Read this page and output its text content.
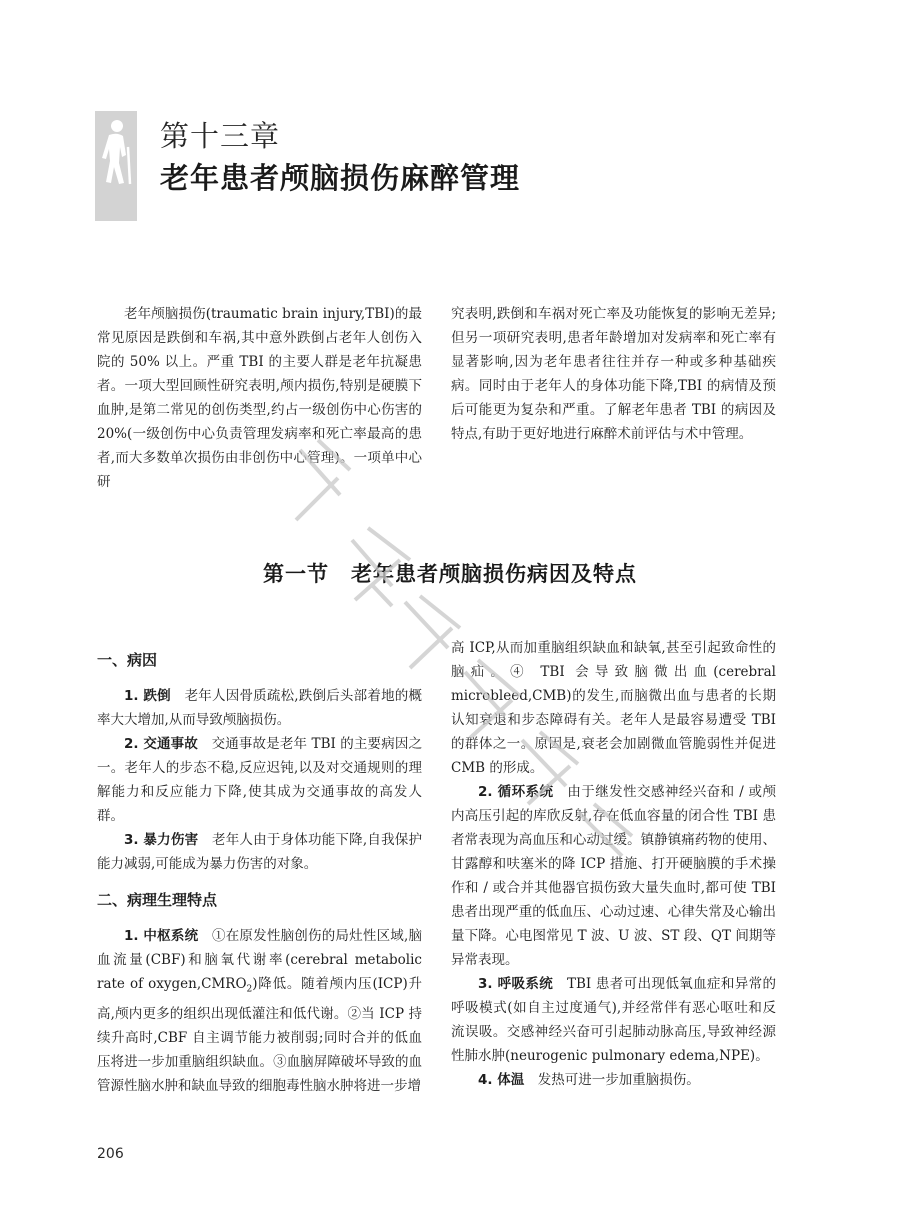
第十三章
老年患者颅脑损伤麻醉管理

老年颅脑损伤(traumatic brain injury,TBI)的最常见原因是跌倒和车祸,其中意外跌倒占老年人创伤入院的 50% 以上。严重 TBI 的主要人群是老年抗凝患者。一项大型回顾性研究表明,颅内损伤,特别是硬膜下血肿,是第二常见的创伤类型,约占一级创伤中心伤害的 20%(一级创伤中心负责管理发病率和死亡率最高的患者,而大多数单次损伤由非创伤中心管理)。一项单中心研

究表明,跌倒和车祸对死亡率及功能恢复的影响无差异;但另一项研究表明,患者年龄增加对发病率和死亡率有显著影响,因为老年患者往往并存一种或多种基础疾病。同时由于老年人的身体功能下降,TBI 的病情及预后可能更为复杂和严重。了解老年患者 TBI 的病因及特点,有助于更好地进行麻醉术前评估与术中管理。

第一节　老年患者颅脑损伤病因及特点
一、病因

1. 跌倒　老年人因骨质疏松,跌倒后头部着地的概率大大增加,从而导致颅脑损伤。

2. 交通事故　交通事故是老年 TBI 的主要病因之一。老年人的步态不稳,反应迟钝,以及对交通规则的理解能力和反应能力下降,使其成为交通事故的高发人群。

3. 暴力伤害　老年人由于身体功能下降,自我保护能力减弱,可能成为暴力伤害的对象。

二、病理生理特点

1. 中枢系统　①在原发性脑创伤的局灶性区域,脑血流量(CBF)和脑氧代谢率(cerebral metabolic rate of $oxygen,CMRO_2$)降低。随着颅内压(ICP)升高,颅内更多的组织出现低灌注和低代谢。②当 ICP 持续升高时,CBF 自主调节能力被削弱;同时合并的低血压将进一步加重脑组织缺血。③血脑屏障破坏导致的血管源性脑水肿和缺血导致的细胞毒性脑水肿将进一步增

高 ICP,从而加重脑组织缺血和缺氧,甚至引起致命性的脑疝。④ TBI 会导致脑微出血(cerebral microbleed,CMB)的发生,而脑微出血与患者的长期认知衰退和步态障碍有关。老年人是最容易遭受 TBI 的群体之一。原因是,衰老会加剧微血管脆弱性并促进 CMB 的形成。

2. 循环系统　由于继发性交感神经兴奋和 / 或颅内高压引起的库欣反射,存在低血容量的闭合性 TBI 患者常表现为高血压和心动过缓。镇静镇痛药物的使用、甘露醇和呋塞米的降 ICP 措施、打开硬脑膜的手术操作和 / 或合并其他器官损伤致大量失血时,都可使 TBI 患者出现严重的低血压、心动过速、心律失常及心输出量下降。心电图常见 T 波、U 波、ST 段、QT 间期等异常表现。

3. 呼吸系统　TBI 患者可出现低氧血症和异常的呼吸模式(如自主过度通气),并经常伴有恶心呕吐和反流误吸。交感神经兴奋可引起肺动脉高压,导致神经源性肺水肿(neurogenic pulmonary edema,NPE)。

4. 体温　发热可进一步加重脑损伤。

206
